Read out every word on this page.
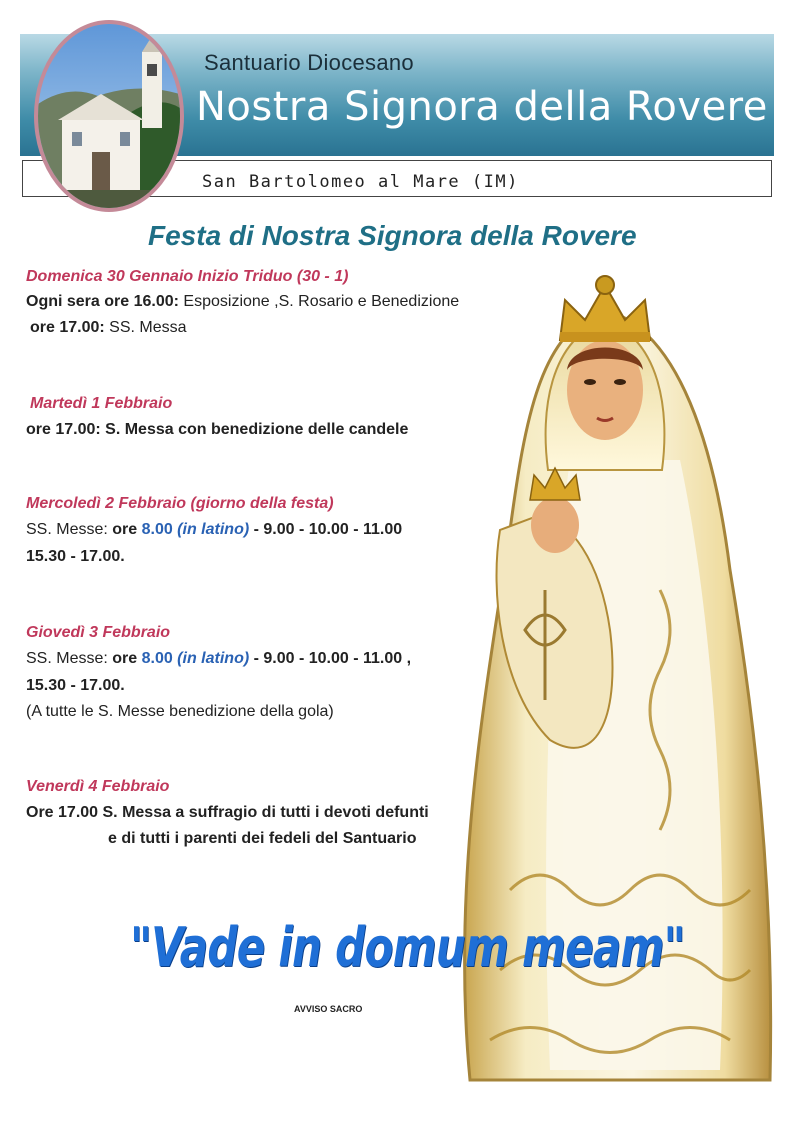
Santuario Diocesano
Nostra Signora della Rovere
San Bartolomeo al Mare (IM)
Festa di Nostra Signora della Rovere
Domenica 30 Gennaio Inizio Triduo (30 - 1)
Ogni sera ore 16.00: Esposizione ,S. Rosario e Benedizione
ore 17.00: SS. Messa
Martedì 1 Febbraio
ore 17.00: S. Messa con benedizione delle candele
Mercoledì 2 Febbraio (giorno della festa)
SS. Messe: ore 8.00 (in latino) - 9.00 - 10.00 - 11.00
15.30 - 17.00.
Giovedì 3 Febbraio
SS. Messe: ore 8.00 (in latino) - 9.00 - 10.00 - 11.00 ,
15.30 - 17.00.
(A tutte le S. Messe benedizione della gola)
Venerdì 4 Febbraio
Ore 17.00 S. Messa a suffragio di tutti i devoti defunti
e di tutti i parenti dei fedeli del Santuario
"Vade in domum meam"
AVVISO SACRO
